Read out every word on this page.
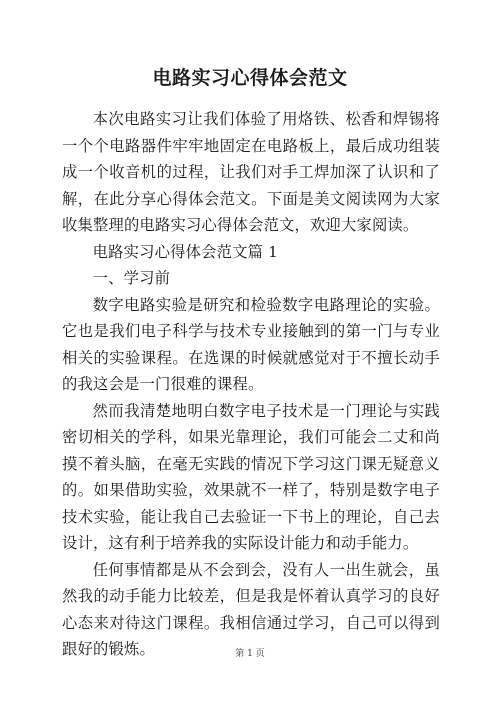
电路实习心得体会范文

本次电路实习让我们体验了用烙铁、松香和焊锡将一个个电路器件牢牢地固定在电路板上，最后成功组装成一个收音机的过程，让我们对手工焊加深了认识和了解，在此分享心得体会范文。下面是美文阅读网为大家收集整理的电路实习心得体会范文，欢迎大家阅读。

电路实习心得体会范文篇 1

一、学习前

数字电路实验是研究和检验数字电路理论的实验。它也是我们电子科学与技术专业接触到的第一门与专业相关的实验课程。在选课的时候就感觉对于不擅长动手的我这会是一门很难的课程。

然而我清楚地明白数字电子技术是一门理论与实践密切相关的学科，如果光靠理论，我们可能会二丈和尚摸不着头脑，在毫无实践的情况下学习这门课无疑意义的。如果借助实验，效果就不一样了，特别是数字电子技术实验，能让我自己去验证一下书上的理论，自己去设计，这有利于培养我的实际设计能力和动手能力。

任何事情都是从不会到会，没有人一出生就会，虽然我的动手能力比较差，但是我是怀着认真学习的良好心态来对待这门课程。我相信通过学习，自己可以得到跟好的锻炼。	第 1 页
